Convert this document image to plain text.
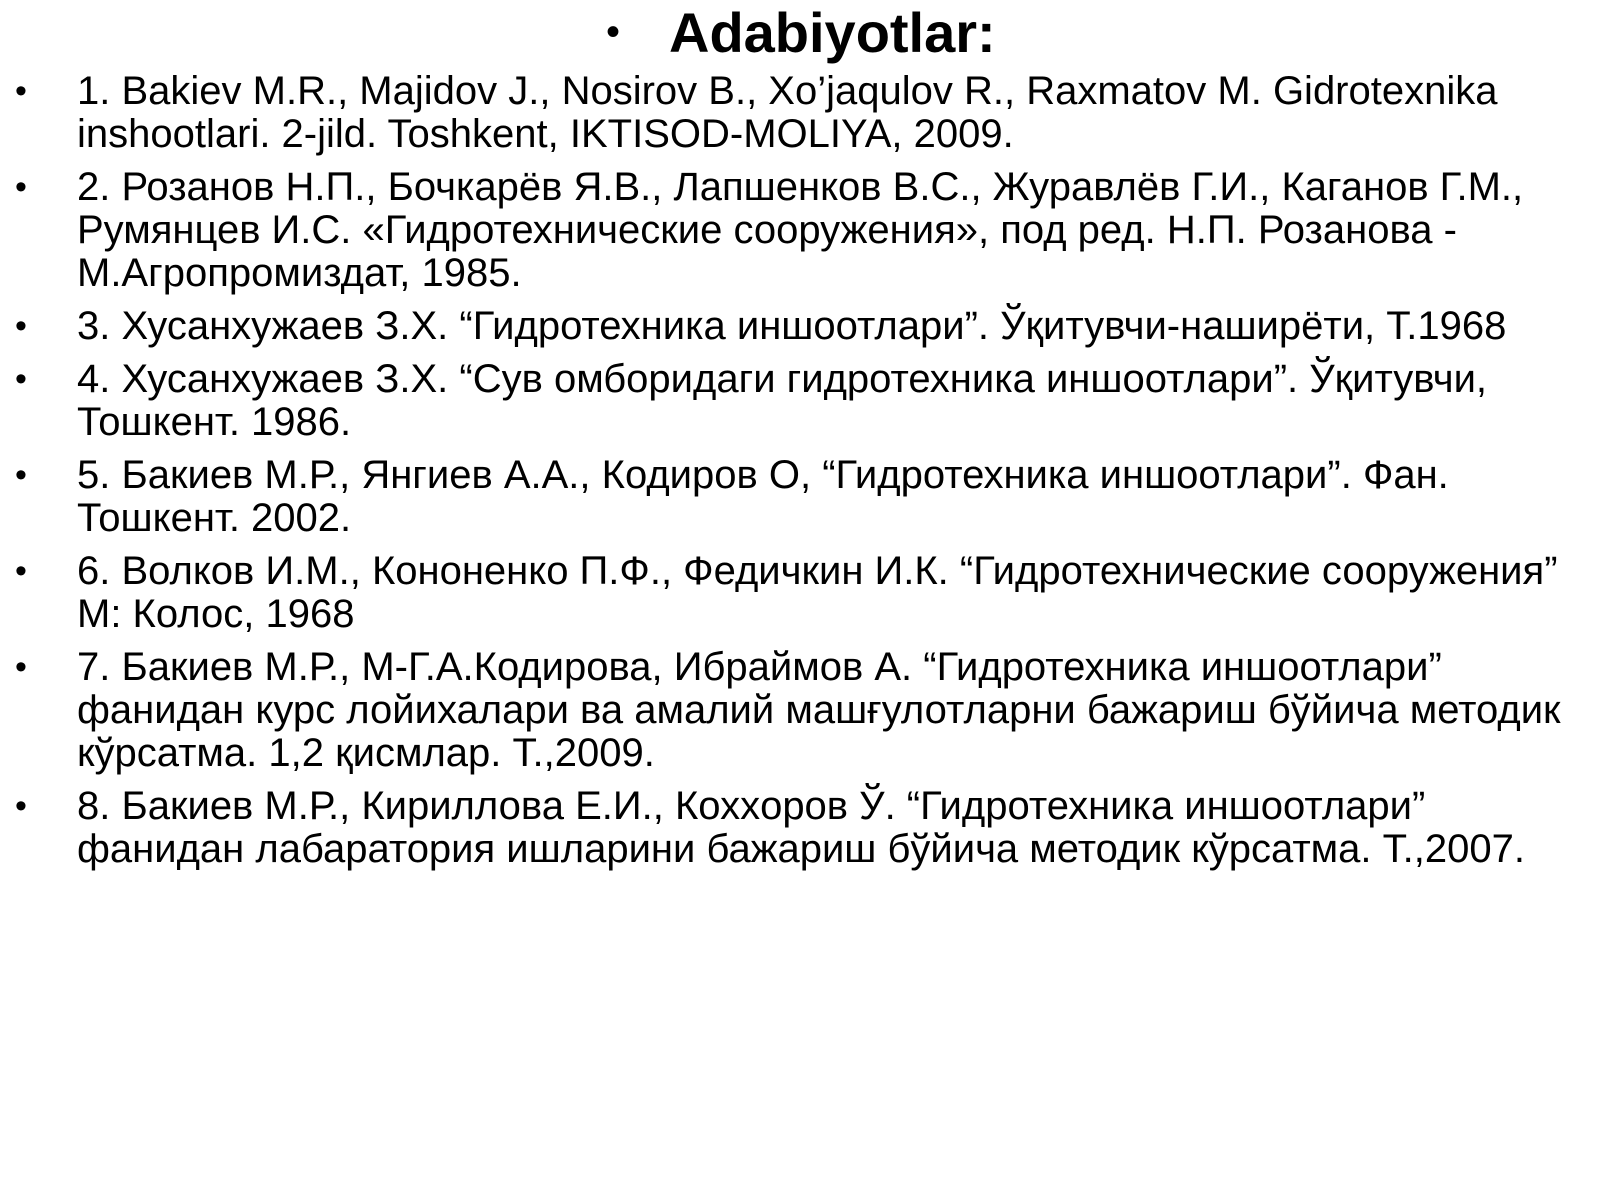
• Adabiyotlar:
• 1. Bakiev M.R., Majidov J., Nosirov B., Xo’jaqulov R., Raxmatov M. Gidrotexnika inshootlari. 2-jild. Toshkent, IKTISOD-MOLIYA, 2009.
• 2. Розанов Н.П., Бочкарёв Я.В., Лапшенков В.С., Журавлёв Г.И., Каганов Г.М., Румянцев И.С. «Гидротехнические сооружения», под ред. Н.П. Розанова - М.Агропромиздат, 1985.
• 3. Хусанхужаев З.Х. “Гидротехника иншоотлари”. Ўқитувчи-наширёти, Т.1968
• 4. Хусанхужаев З.Х. “Сув омборидаги гидротехника иншоотлари”. Ўқитувчи, Тошкент. 1986.
• 5. Бакиев М.Р., Янгиев А.А., Кодиров О, “Гидротехника иншоотлари”. Фан. Тошкент. 2002.
• 6. Волков И.М., Кононенко П.Ф., Федичкин И.К. “Гидротехнические сооружения” М: Колос, 1968
• 7. Бакиев М.Р., М-Г.А.Кодирова, Ибраймов А. “Гидротехника иншоотлари” фанидан курс лойихалари ва амалий машғулотларни бажариш бўйича методик кўрсатма. 1,2 қисмлар. Т.,2009.
• 8. Бакиев М.Р., Кириллова Е.И., Кохxоров Ў. “Гидротехника иншоотлари” фанидан лабаратория ишларини бажариш бўйича методик кўрсатма. Т.,2007.
